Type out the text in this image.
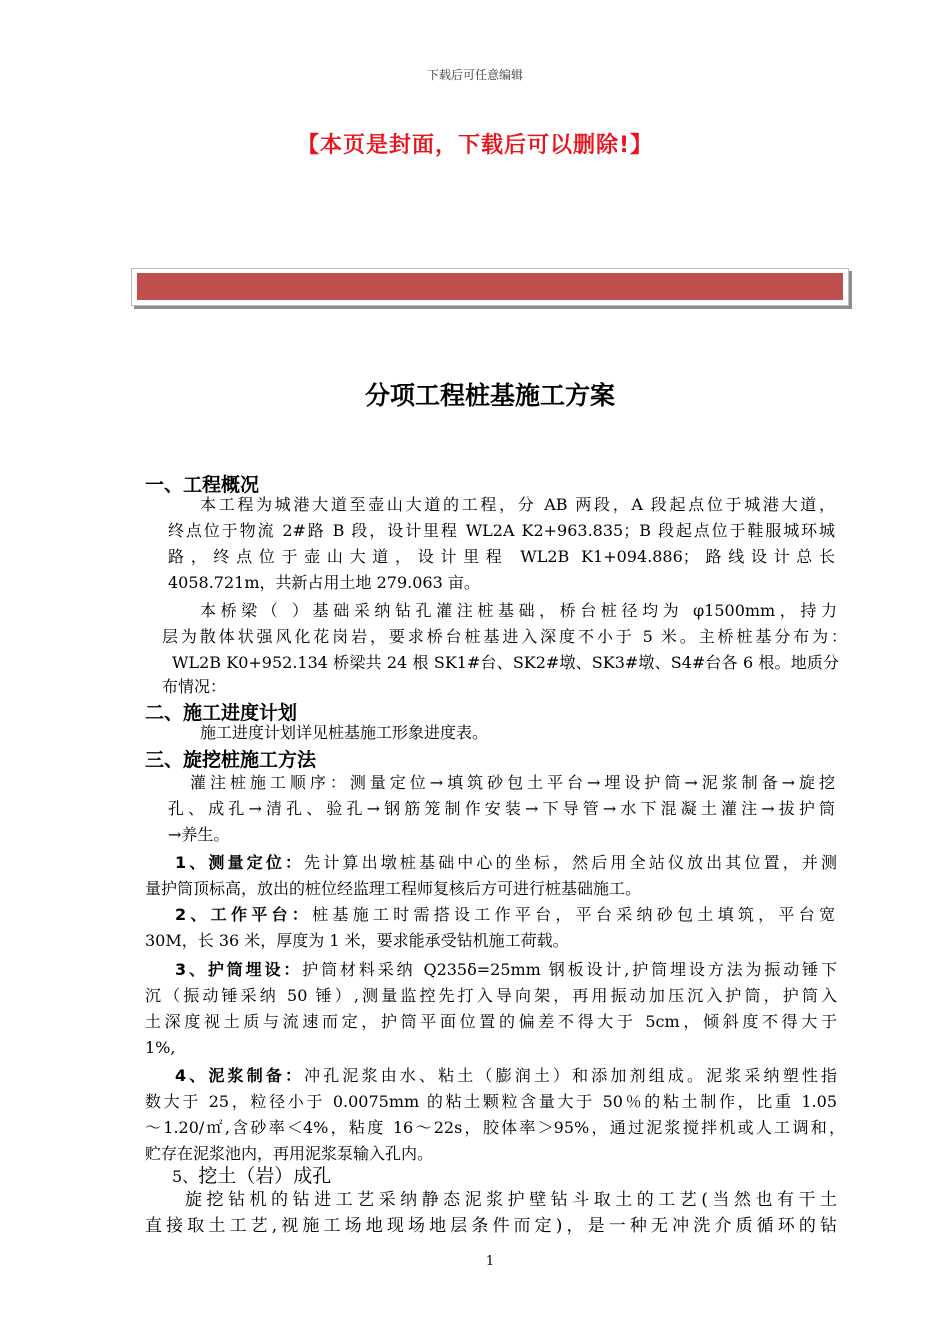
下载后可任意编辑
【本页是封面，下载后可以删除!】
分项工程桩基施工方案
一、工程概况
本工程为城港大道至壶山大道的工程，分 AB 两段，A 段起点位于城港大道，
终点位于物流 2#路 B 段，设计里程 WL2A K2+963.835；B 段起点位于鞋服城环城
路，终点位于壶山大道，设计里程 WL2B K1+094.886；路线设计总长
4058.721m，共新占用土地 279.063 亩。
本桥梁（ ）基础采纳钻孔灌注桩基础，桥台桩径均为 φ1500mm，持力
层为散体状强风化花岗岩，要求桥台桩基进入深度不小于 5 米。主桥桩基分布为：
WL2B K0+952.134 桥梁共 24 根 SK1#台、SK2#墩、SK3#墩、S4#台各 6 根。地质分
布情况：
二、施工进度计划
施工进度计划详见桩基施工形象进度表。
三、旋挖桩施工方法
灌注桩施工顺序：测量定位→填筑砂包土平台→埋设护筒→泥浆制备→旋挖
孔、成孔→清孔、验孔→钢筋笼制作安装→下导管→水下混凝土灌注→拔护筒
→养生。
1、测量定位：先计算出墩桩基础中心的坐标，然后用全站仪放出其位置，并测
量护筒顶标高，放出的桩位经监理工程师复核后方可进行桩基础施工。
2、工作平台：桩基施工时需搭设工作平台，平台采纳砂包土填筑，平台宽
30M，长 36 米，厚度为 1 米，要求能承受钻机施工荷载。
3、护筒埋设：护筒材料采纳 Q235δ=25mm 钢板设计,护筒埋设方法为振动锤下
沉（振动锤采纳 50 锤）,测量监控先打入导向架，再用振动加压沉入护筒，护筒入
土深度视土质与流速而定，护筒平面位置的偏差不得大于 5cm，倾斜度不得大于
1%,
4、泥浆制备：冲孔泥浆由水、粘土（膨润土）和添加剂组成。泥浆采纳塑性指
数大于 25，粒径小于 0.0075mm 的粘土颗粒含量大于 50％的粘土制作，比重 1.05
～1.20/㎡,含砂率＜4%，粘度 16～22s，胶体率＞95%，通过泥浆搅拌机或人工调和，
贮存在泥浆池内，再用泥浆泵输入孔内。
5、挖土（岩）成孔
旋挖钻机的钻进工艺采纳静态泥浆护壁钻斗取土的工艺(当然也有干土
直接取土工艺,视施工场地现场地层条件而定)，是一种无冲洗介质循环的钻
1
